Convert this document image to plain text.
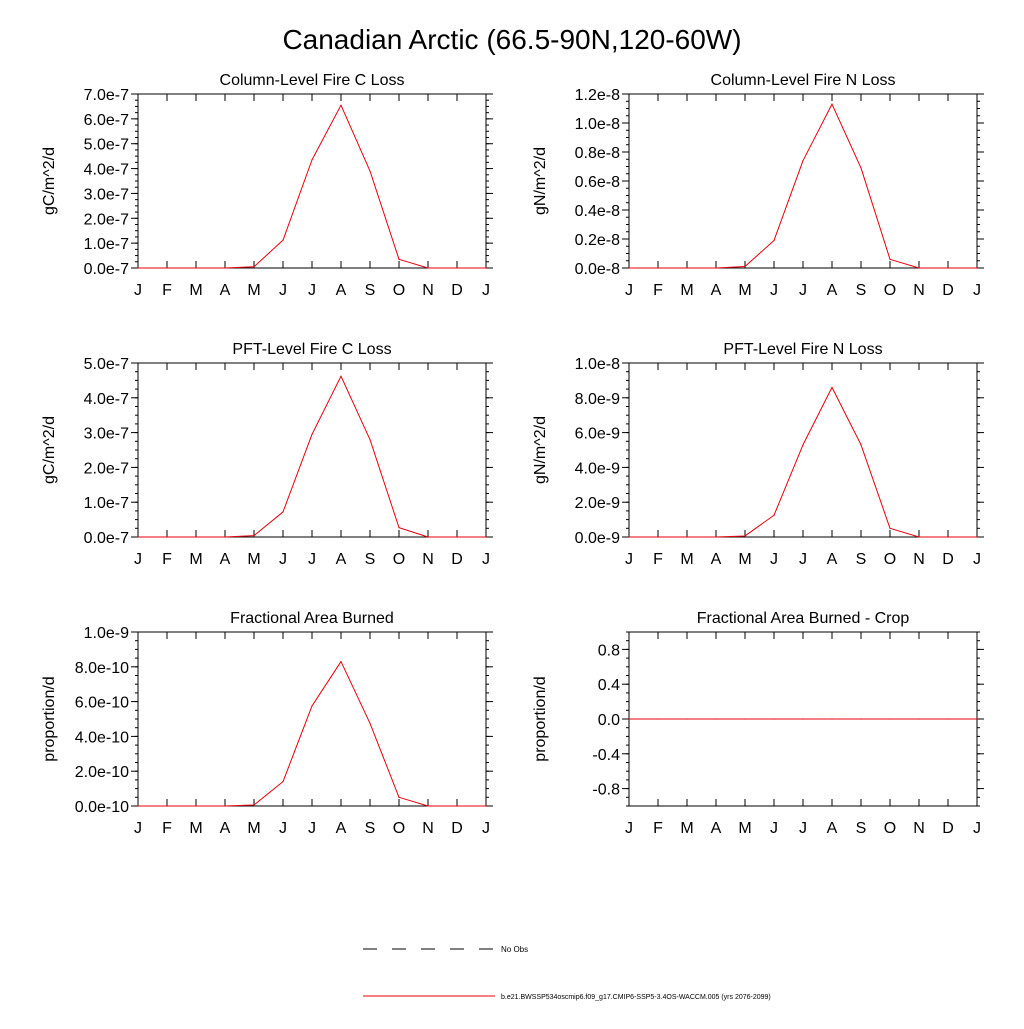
Canadian Arctic (66.5-90N,120-60W)
Column-Level Fire C Loss
gC/m^2/d
J F M A M J J A S O N D J
0.0e-7
1.0e-7
2.0e-7
3.0e-7
4.0e-7
5.0e-7
6.0e-7
7.0e-7
Column-Level Fire N Loss
gN/m^2/d
J F M A M J J A S O N D J
0.0e-8
0.2e-8
0.4e-8
0.6e-8
0.8e-8
1.0e-8
1.2e-8
PFT-Level Fire C Loss
gC/m^2/d
J F M A M J J A S O N D J
0.0e-7
1.0e-7
2.0e-7
3.0e-7
4.0e-7
5.0e-7
PFT-Level Fire N Loss
gN/m^2/d
J F M A M J J A S O N D J
0.0e-9
2.0e-9
4.0e-9
6.0e-9
8.0e-9
1.0e-8
Fractional Area Burned
proportion/d
J F M A M J J A S O N D J
0.0e-10
2.0e-10
4.0e-10
6.0e-10
8.0e-10
1.0e-9
Fractional Area Burned - Crop
proportion/d
J F M A M J J A S O N D J
-0.8
-0.4
0.0
0.4
0.8
No Obs
b.e21.BWSSP534oscmip6.f09_g17.CMIP6-SSP5-3.4OS-WACCM.005 (yrs 2076-2099)
